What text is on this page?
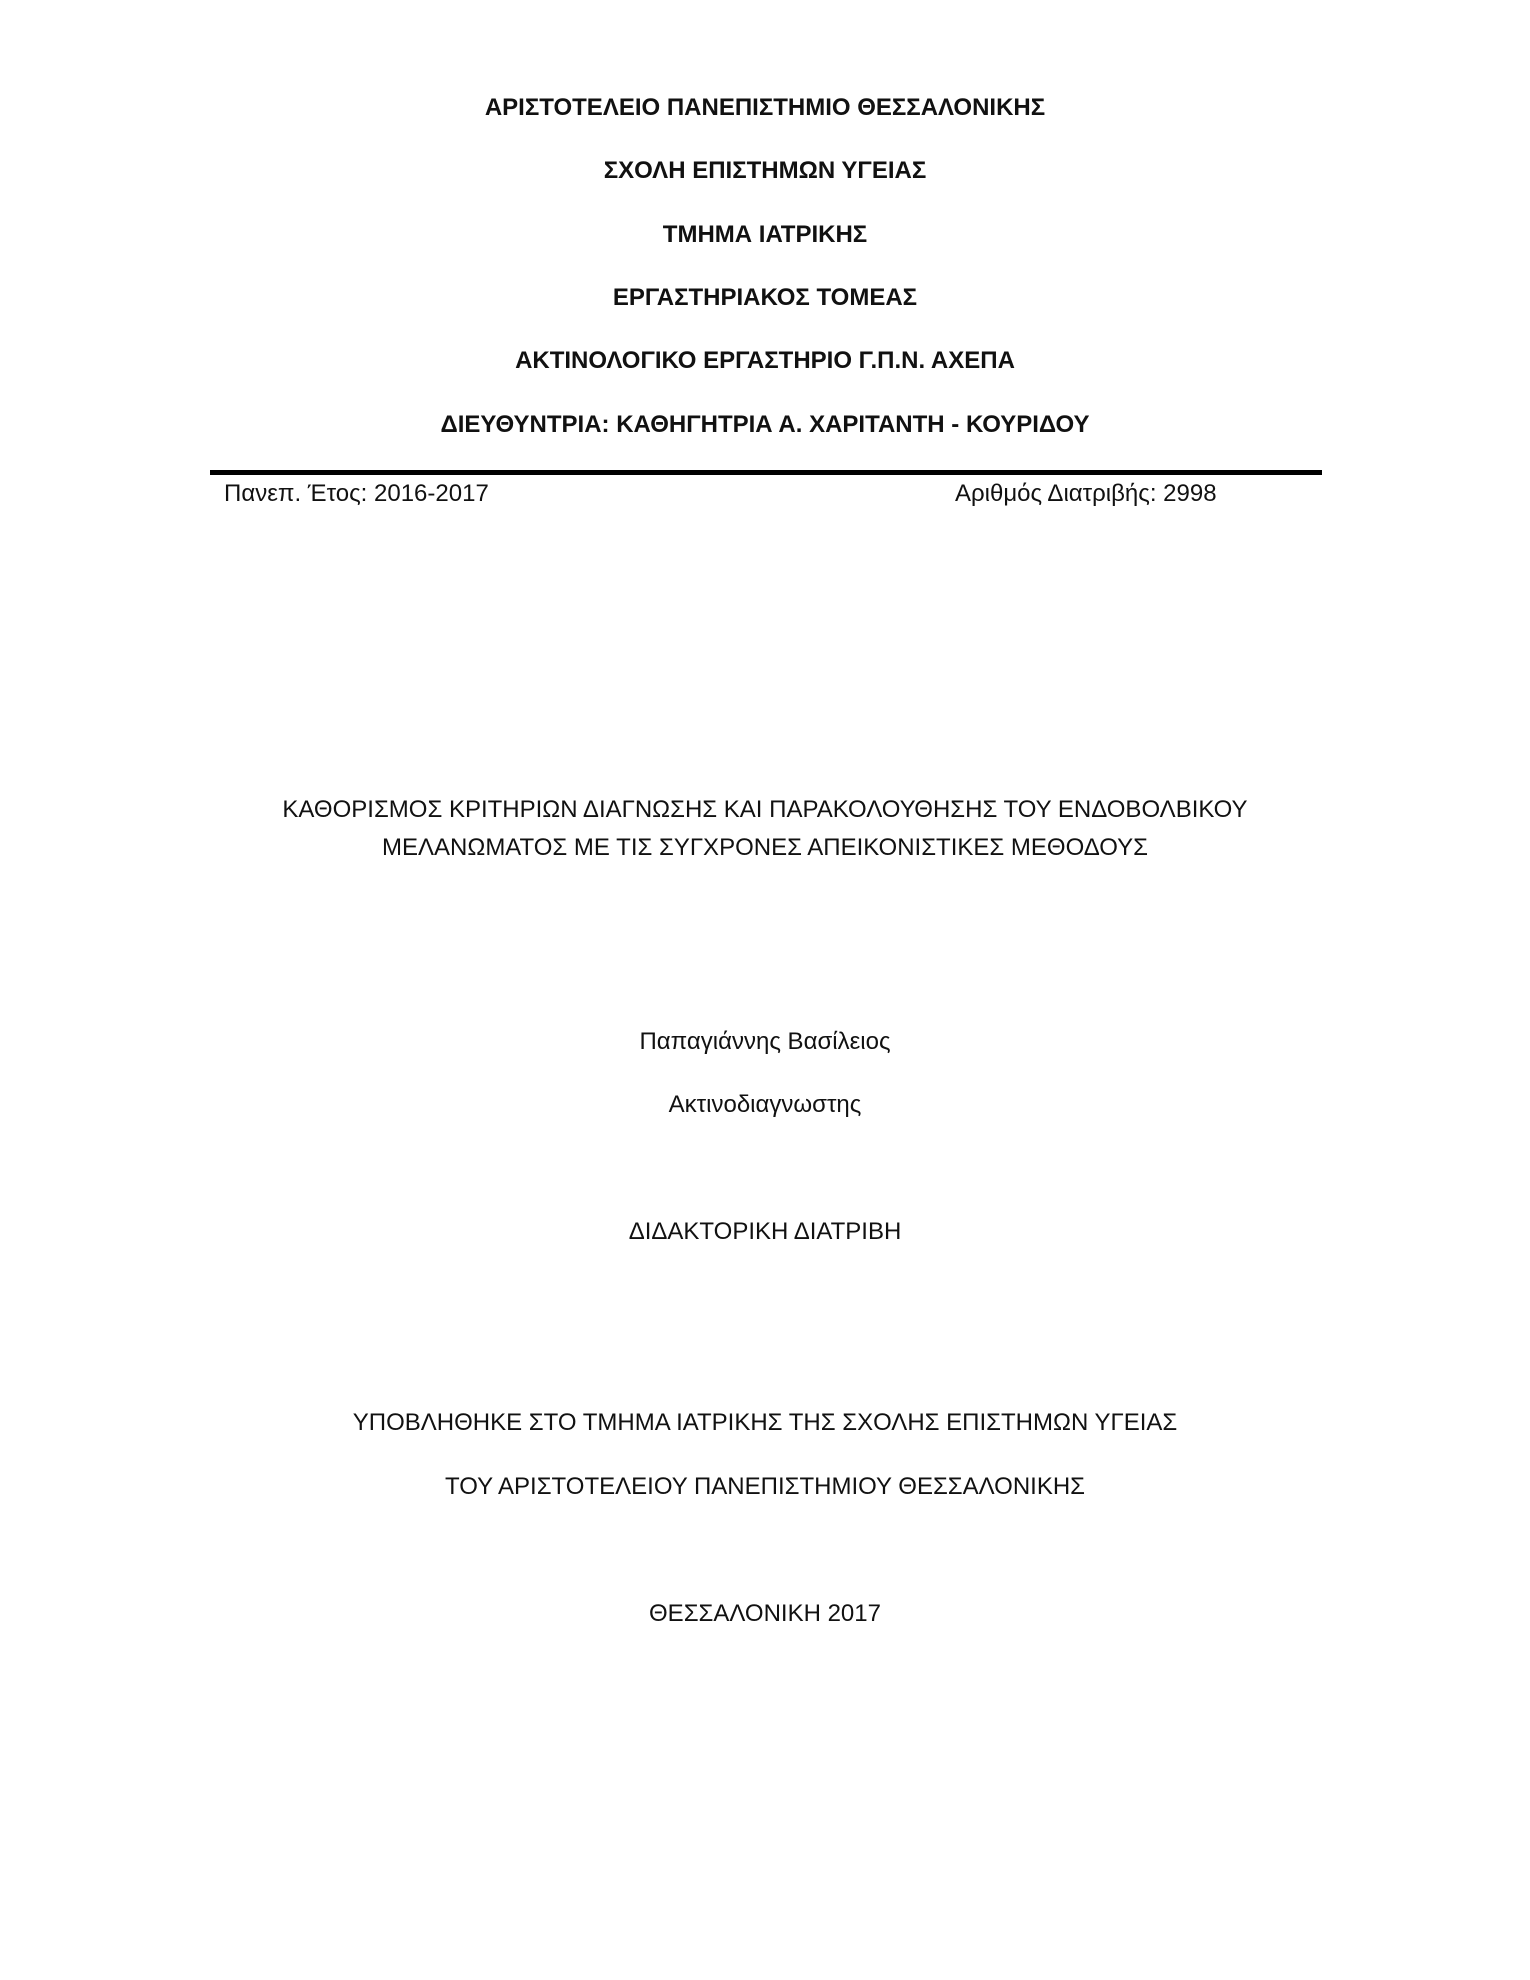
ΑΡΙΣΤΟΤΕΛΕΙΟ ΠΑΝΕΠΙΣΤΗΜΙΟ ΘΕΣΣΑΛΟΝΙΚΗΣ
ΣΧΟΛΗ ΕΠΙΣΤΗΜΩΝ ΥΓΕΙΑΣ
ΤΜΗΜΑ ΙΑΤΡΙΚΗΣ
ΕΡΓΑΣΤΗΡΙΑΚΟΣ ΤΟΜΕΑΣ
ΑΚΤΙΝΟΛΟΓΙΚΟ ΕΡΓΑΣΤΗΡΙΟ Γ.Π.Ν. ΑΧΕΠΑ
ΔΙΕΥΘΥΝΤΡΙΑ: ΚΑΘΗΓΗΤΡΙΑ Α. ΧΑΡΙΤΑΝΤΗ - ΚΟΥΡΙΔΟΥ
Πανεπ. Έτος: 2016-2017	Αριθμός Διατριβής: 2998
ΚΑΘΟΡΙΣΜΟΣ ΚΡΙΤΗΡΙΩΝ ΔΙΑΓΝΩΣΗΣ ΚΑΙ ΠΑΡΑΚΟΛΟΥΘΗΣΗΣ ΤΟΥ ΕΝΔΟΒΟΛΒΙΚΟΥ
ΜΕΛΑΝΩΜΑΤΟΣ ΜΕ ΤΙΣ ΣΥΓΧΡΟΝΕΣ ΑΠΕΙΚΟΝΙΣΤΙΚΕΣ ΜΕΘΟΔΟΥΣ
Παπαγιάννης Βασίλειος
Ακτινοδιαγνωστης
ΔΙΔΑΚΤΟΡΙΚΗ ΔΙΑΤΡΙΒΗ
ΥΠΟΒΛΗΘΗΚΕ ΣΤΟ ΤΜΗΜΑ ΙΑΤΡΙΚΗΣ ΤΗΣ ΣΧΟΛΗΣ ΕΠΙΣΤΗΜΩΝ ΥΓΕΙΑΣ
ΤΟΥ ΑΡΙΣΤΟΤΕΛΕΙΟΥ ΠΑΝΕΠΙΣΤΗΜΙΟΥ ΘΕΣΣΑΛΟΝΙΚΗΣ
ΘΕΣΣΑΛΟΝΙΚΗ 2017
